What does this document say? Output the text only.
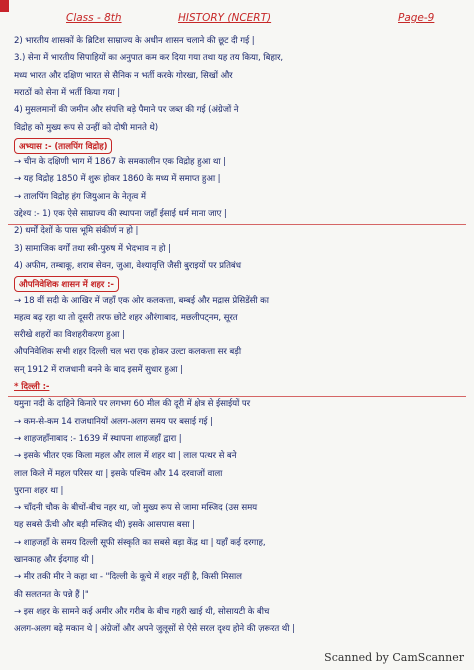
Class - 8th	HISTORY (NCERT)	Page-9
2) भारतीय शासकों के ब्रिटिश साम्राज्य के अधीन शासन चलाने की छूट दी गई |
3.) सेना में भारतीय सिपाहियों का अनुपात कम कर दिया गया तथा यह तय किया, बिहार,
मध्य भारत और दक्षिण भारत से सैनिक न भर्ती करके गोरखा, सिखों और
मराठों को सेना में भर्ती किया गया |
4) मुसलमानों की जमीन और संपत्ति बड़े पैमाने पर जब्त की गई (अंग्रेजों ने
विद्रोह को मुख्य रूप से उन्हीं को दोषी मानते थे)
अभ्यास :- (तालपिंग विद्रोह)
→ चीन के दक्षिणी भाग में 1867 के समकालीन एक विद्रोह हुआ था |
→ यह विद्रोह 1850 में शुरू होकर 1860 के मध्य में समाप्त हुआ |
→ तालपिंग विद्रोह हंग जियुआन के नेतृत्व में
उद्देश्य :- 1) एक ऐसे साम्राज्य की स्थापना जहाँ ईसाई धर्म माना जाए |
2) धर्मों देशों के पास भूमि संकीर्ण न हो |
3) सामाजिक वर्गों तथा स्त्री-पुरुष में भेदभाव न हो |
4) अफीम, तम्बाकू, शराब सेवन, जुआ, वेश्यावृत्ति जैसी बुराइयों पर प्रतिबंध
औपनिवेशिक शासन में शहर :-
→ 18 वीं सदी के आखिर में जहाँ एक ओर कलकत्ता, बम्बई और मद्रास प्रेसिडेंसी का
महत्व बढ़ रहा था तो दूसरी तरफ छोटे शहर औरंगाबाद, मछलीपट्नम, सूरत
सरीखे शहरों का विशहरीकरण हुआ |
औपनिवेशिक सभी शहर दिल्ली चल भरा एक होकर उल्टा कलकत्ता सर बड़ी
सन् 1912 में राजधानी बनने के बाद इसमें सुधार हुआ |
* दिल्ली :-
यमुना नदी के दाहिने किनारे पर लगभग 60 मील की दूरी में क्षेत्र से ईसाईयों पर
→ कम-से-कम 14 राजधानियों अलग-अलग समय पर बसाई गई |
→ शाहजहाँनाबाद :- 1639 में स्थापना शाहजहाँ द्वारा |
→ इसके भीतर एक किला महल और लाल में शहर था | लाल पत्थर से बने
लाल किले में महल परिसर था | इसके पश्चिम और 14 दरवाजों वाला
पुराना शहर था |
→ चाँदनी चौक के बीचों-बीच नहर था, जो मुख्य रूप से जामा मस्जिद (उस समय
यह सबसे ऊँची और बड़ी मस्जिद थी) इसके आसपास बसा |
→ शाहजहाँ के समय दिल्ली सूफी संस्कृति का सबसे बड़ा केंद्र था | यहाँ कई दरगाह,
खानकाह और ईदगाह थी |
→ मीर तकी मीर ने कहा था - "दिल्ली के कूचे में शहर नहीं है, किसी मिसाल
की सलतनत के पन्ने हैं |"
→ इस शहर के सामने कई अमीर और गरीब के बीच गहरी खाई थी, सोसायटी के बीच
अलग-अलग बढ़े मकान थे | अंग्रेजों और अपने जुलूसों से ऐसे सरल दृश्य होने की ज़रूरत थी |
Scanned by CamScanner
